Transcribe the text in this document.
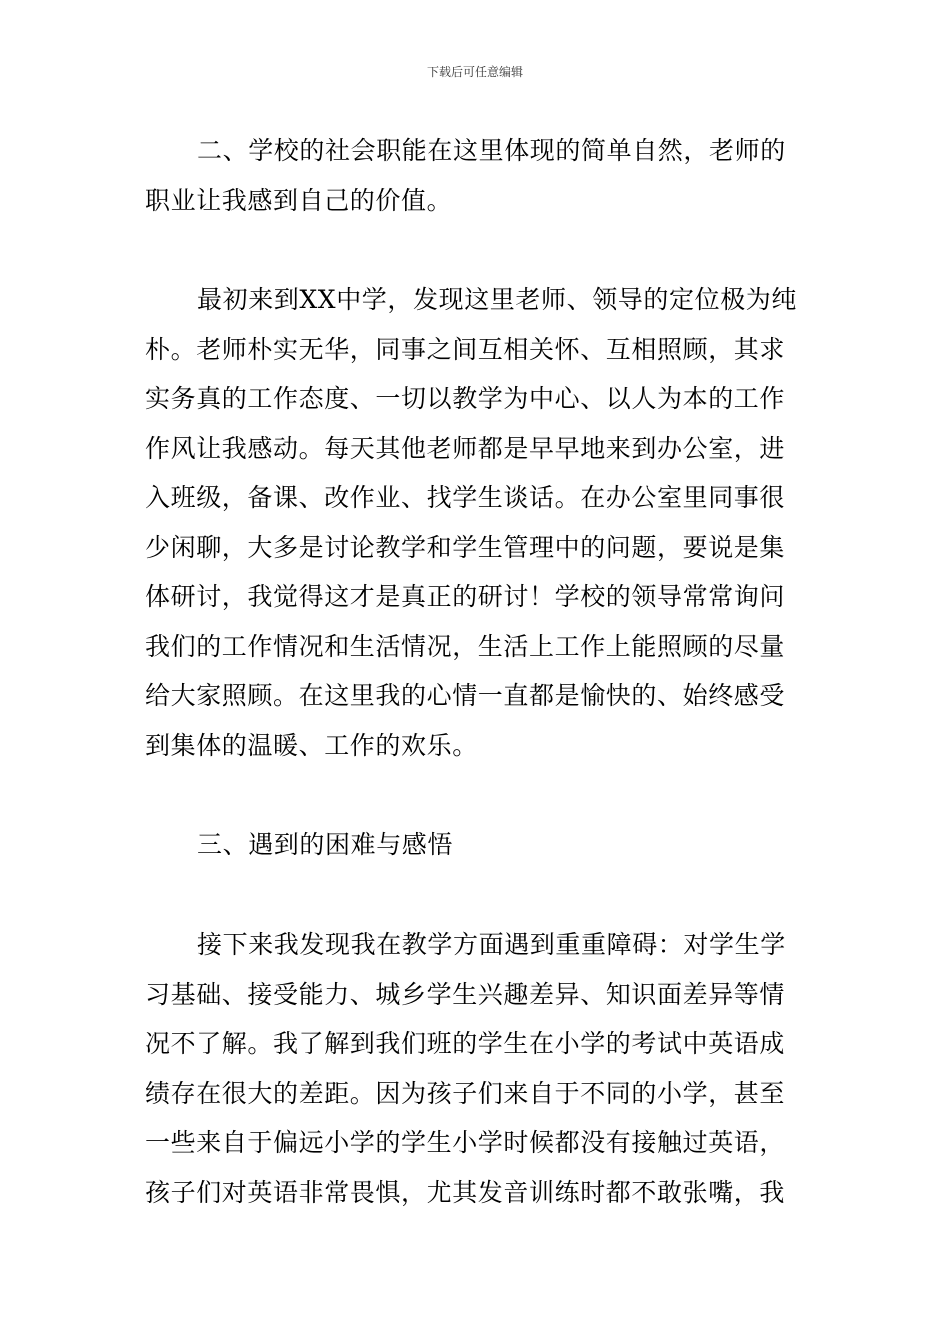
下载后可任意编辑
二、学校的社会职能在这里体现的简单自然，老师的
职业让我感到自己的价值。
最初来到XX中学，发现这里老师、领导的定位极为纯
朴。老师朴实无华，同事之间互相关怀、互相照顾，其求
实务真的工作态度、一切以教学为中心、以人为本的工作
作风让我感动。每天其他老师都是早早地来到办公室，进
入班级，备课、改作业、找学生谈话。在办公室里同事很
少闲聊，大多是讨论教学和学生管理中的问题，要说是集
体研讨，我觉得这才是真正的研讨！学校的领导常常询问
我们的工作情况和生活情况，生活上工作上能照顾的尽量
给大家照顾。在这里我的心情一直都是愉快的、始终感受
到集体的温暖、工作的欢乐。
三、遇到的困难与感悟
接下来我发现我在教学方面遇到重重障碍：对学生学
习基础、接受能力、城乡学生兴趣差异、知识面差异等情
况不了解。我了解到我们班的学生在小学的考试中英语成
绩存在很大的差距。因为孩子们来自于不同的小学，甚至
一些来自于偏远小学的学生小学时候都没有接触过英语，
孩子们对英语非常畏惧，尤其发音训练时都不敢张嘴，我
